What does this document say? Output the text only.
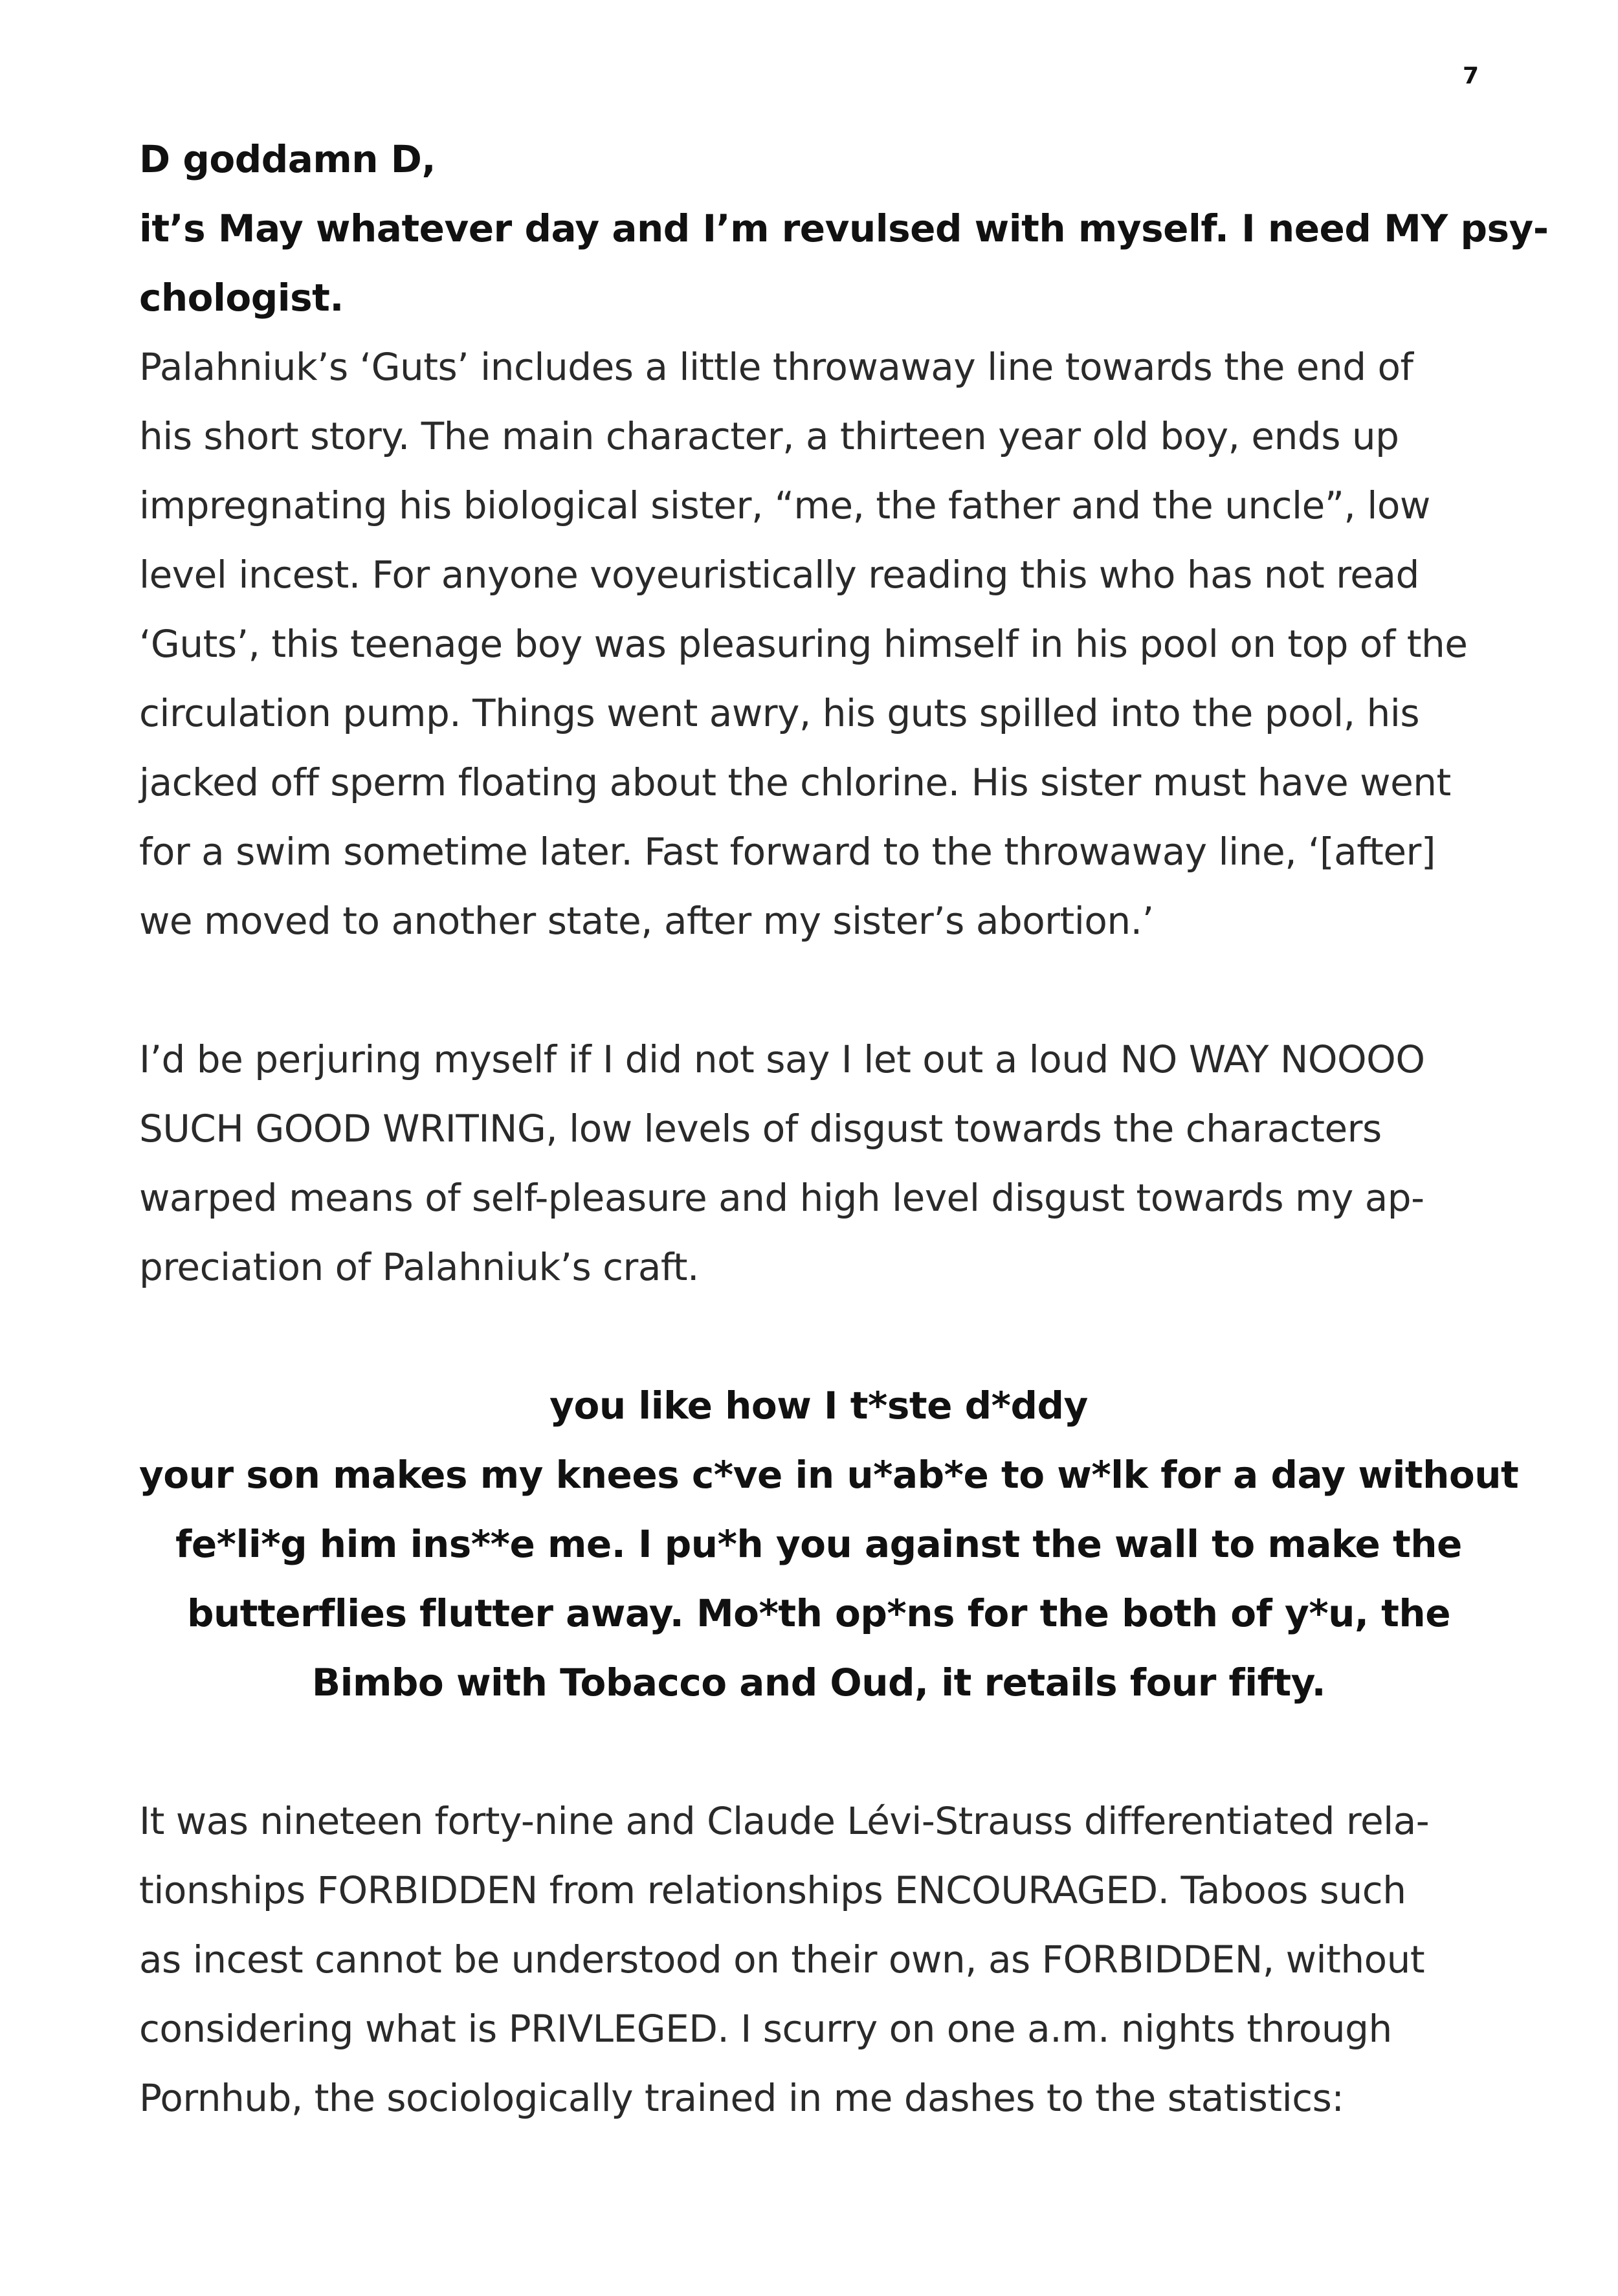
7
D goddamn D,
it’s May whatever day and I’m revulsed with myself. I need MY psy-
chologist.
Palahniuk’s ‘Guts’ includes a little throwaway line towards the end of
his short story. The main character, a thirteen year old boy, ends up
impregnating his biological sister, “me, the father and the uncle”, low
level incest. For anyone voyeuristically reading this who has not read
‘Guts’, this teenage boy was pleasuring himself in his pool on top of the
circulation pump. Things went awry, his guts spilled into the pool, his
jacked off sperm floating about the chlorine. His sister must have went
for a swim sometime later. Fast forward to the throwaway line, ‘[after]
we moved to another state, after my sister’s abortion.’
I’d be perjuring myself if I did not say I let out a loud NO WAY NOOOO
SUCH GOOD WRITING, low levels of disgust towards the characters
warped means of self-pleasure and high level disgust towards my ap-
preciation of Palahniuk’s craft.
you like how I t*ste d*ddy
your son makes my knees c*ve in u*ab*e to w*lk for a day without
fe*li*g him ins**e me. I pu*h you against the wall to make the
butterflies flutter away. Mo*th op*ns for the both of y*u, the
Bimbo with Tobacco and Oud, it retails four fifty.
It was nineteen forty-nine and Claude Lévi-Strauss differentiated rela-
tionships FORBIDDEN from relationships ENCOURAGED. Taboos such
as incest cannot be understood on their own, as FORBIDDEN, without
considering what is PRIVLEGED. I scurry on one a.m. nights through
Pornhub, the sociologically trained in me dashes to the statistics:
